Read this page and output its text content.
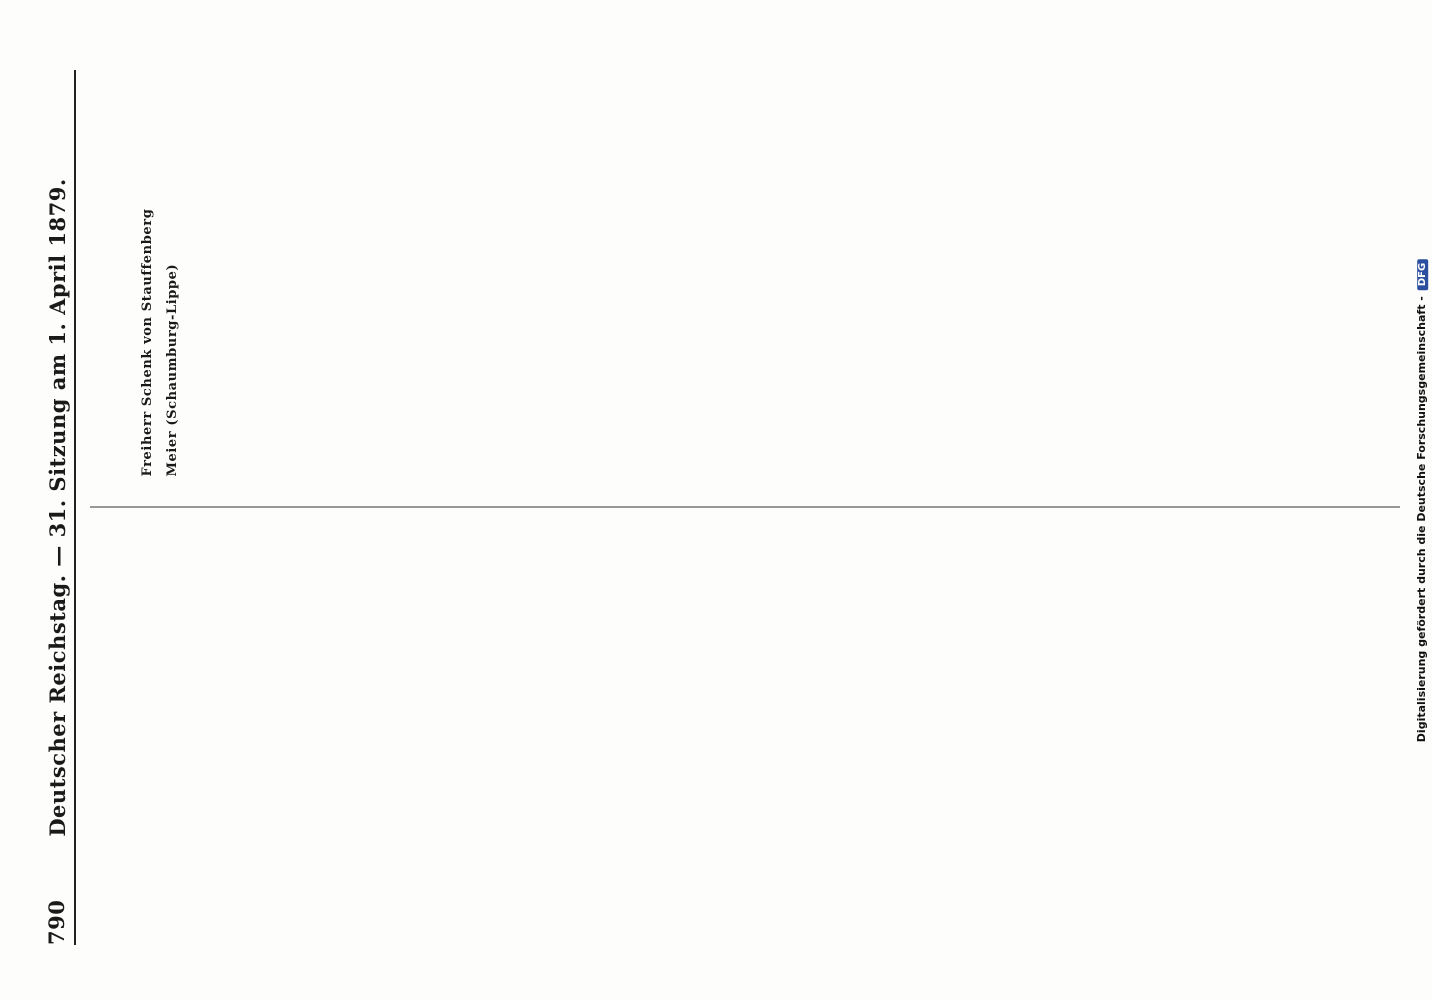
790
Deutscher Reichstag. — 31. Sitzung am 1. April 1879.	Freiherr Schenk von Stauffenberg Meier (Schaumburg-Lippe)	Digitalisierung gefördert durch die Deutsche Forschungsgemeinschaft -DFG
